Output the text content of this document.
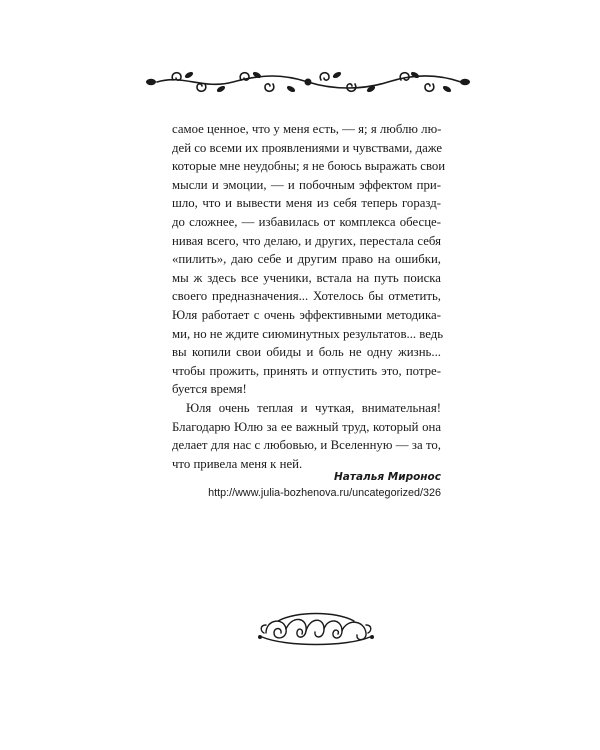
самое ценное, что у меня есть, — я; я люблю лю-
дей со всеми их проявлениями и чувствами, даже
которые мне неудобны; я не боюсь выражать свои
мысли и эмоции, — и побочным эффектом при-
шло, что и вывести меня из себя теперь горазд-
до сложнее, — избавилась от комплекса обесце-
нивая всего, что делаю, и других, перестала себя
«пилить», даю себе и другим право на ошибки,
мы ж здесь все ученики, встала на путь поиска
своего предназначения... Хотелось бы отметить,
Юля работает с очень эффективными методика-
ми, но не ждите сиюминутных результатов... ведь
вы копили свои обиды и боль не одну жизнь...
чтобы прожить, принять и отпустить это, потре-
буется время!

Юля очень теплая и чуткая, внимательная!
Благодарю Юлю за ее важный труд, который она
делает для нас с любовью, и Вселенную — за то,
что привела меня к ней.

Наталья Миронос
http://www.julia-bozhenova.ru/uncategorized/326
